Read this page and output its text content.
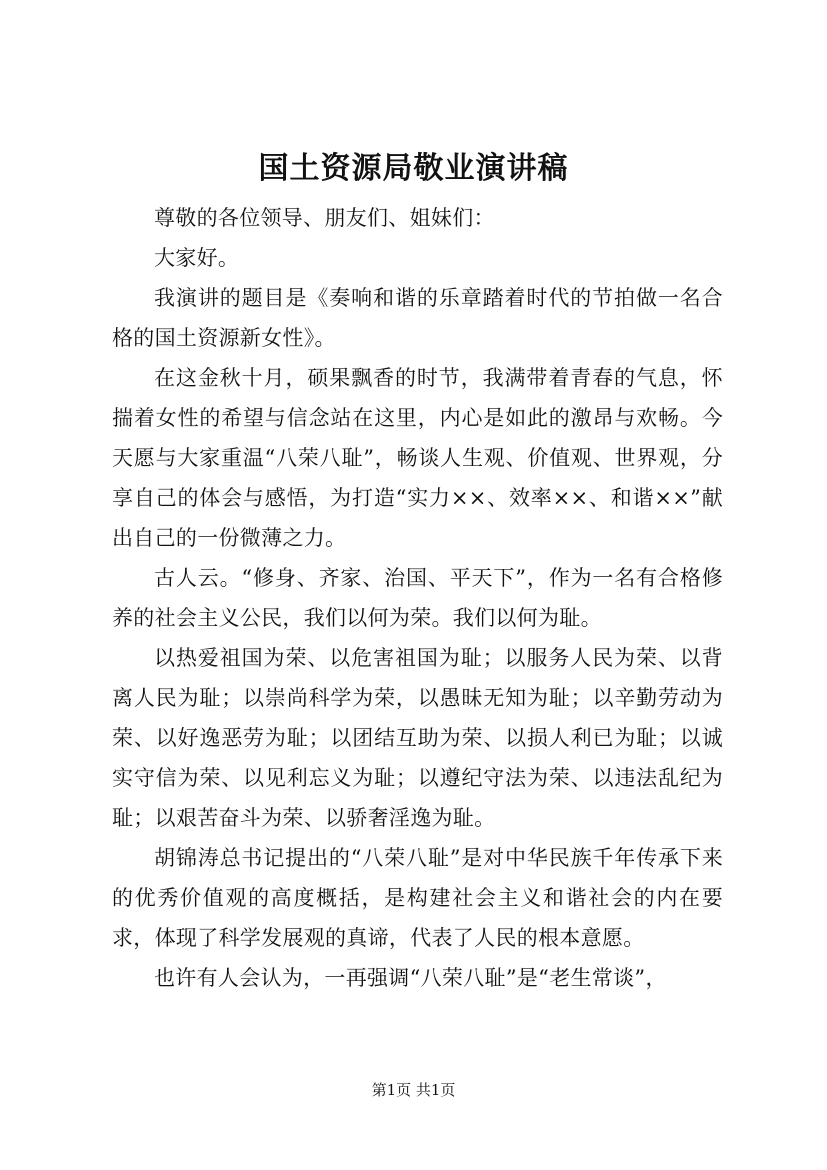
国土资源局敬业演讲稿

尊敬的各位领导、朋友们、姐妹们：

大家好。

我演讲的题目是《奏响和谐的乐章踏着时代的节拍做一名合格的国土资源新女性》。

在这金秋十月，硕果飘香的时节，我满带着青春的气息，怀揣着女性的希望与信念站在这里，内心是如此的激昂与欢畅。今天愿与大家重温“八荣八耻”，畅谈人生观、价值观、世界观，分享自己的体会与感悟，为打造“实力××、效率××、和谐××”献出自己的一份微薄之力。

古人云。“修身、齐家、治国、平天下”，作为一名有合格修养的社会主义公民，我们以何为荣。我们以何为耻。

以热爱祖国为荣、以危害祖国为耻；以服务人民为荣、以背离人民为耻；以崇尚科学为荣，以愚昧无知为耻；以辛勤劳动为荣、以好逸恶劳为耻；以团结互助为荣、以损人利已为耻；以诚实守信为荣、以见利忘义为耻；以遵纪守法为荣、以违法乱纪为耻；以艰苦奋斗为荣、以骄奢淫逸为耻。

胡锦涛总书记提出的“八荣八耻”是对中华民族千年传承下来的优秀价值观的高度概括，是构建社会主义和谐社会的内在要求，体现了科学发展观的真谛，代表了人民的根本意愿。

也许有人会认为，一再强调“八荣八耻”是“老生常谈”，

第1页 共1页
